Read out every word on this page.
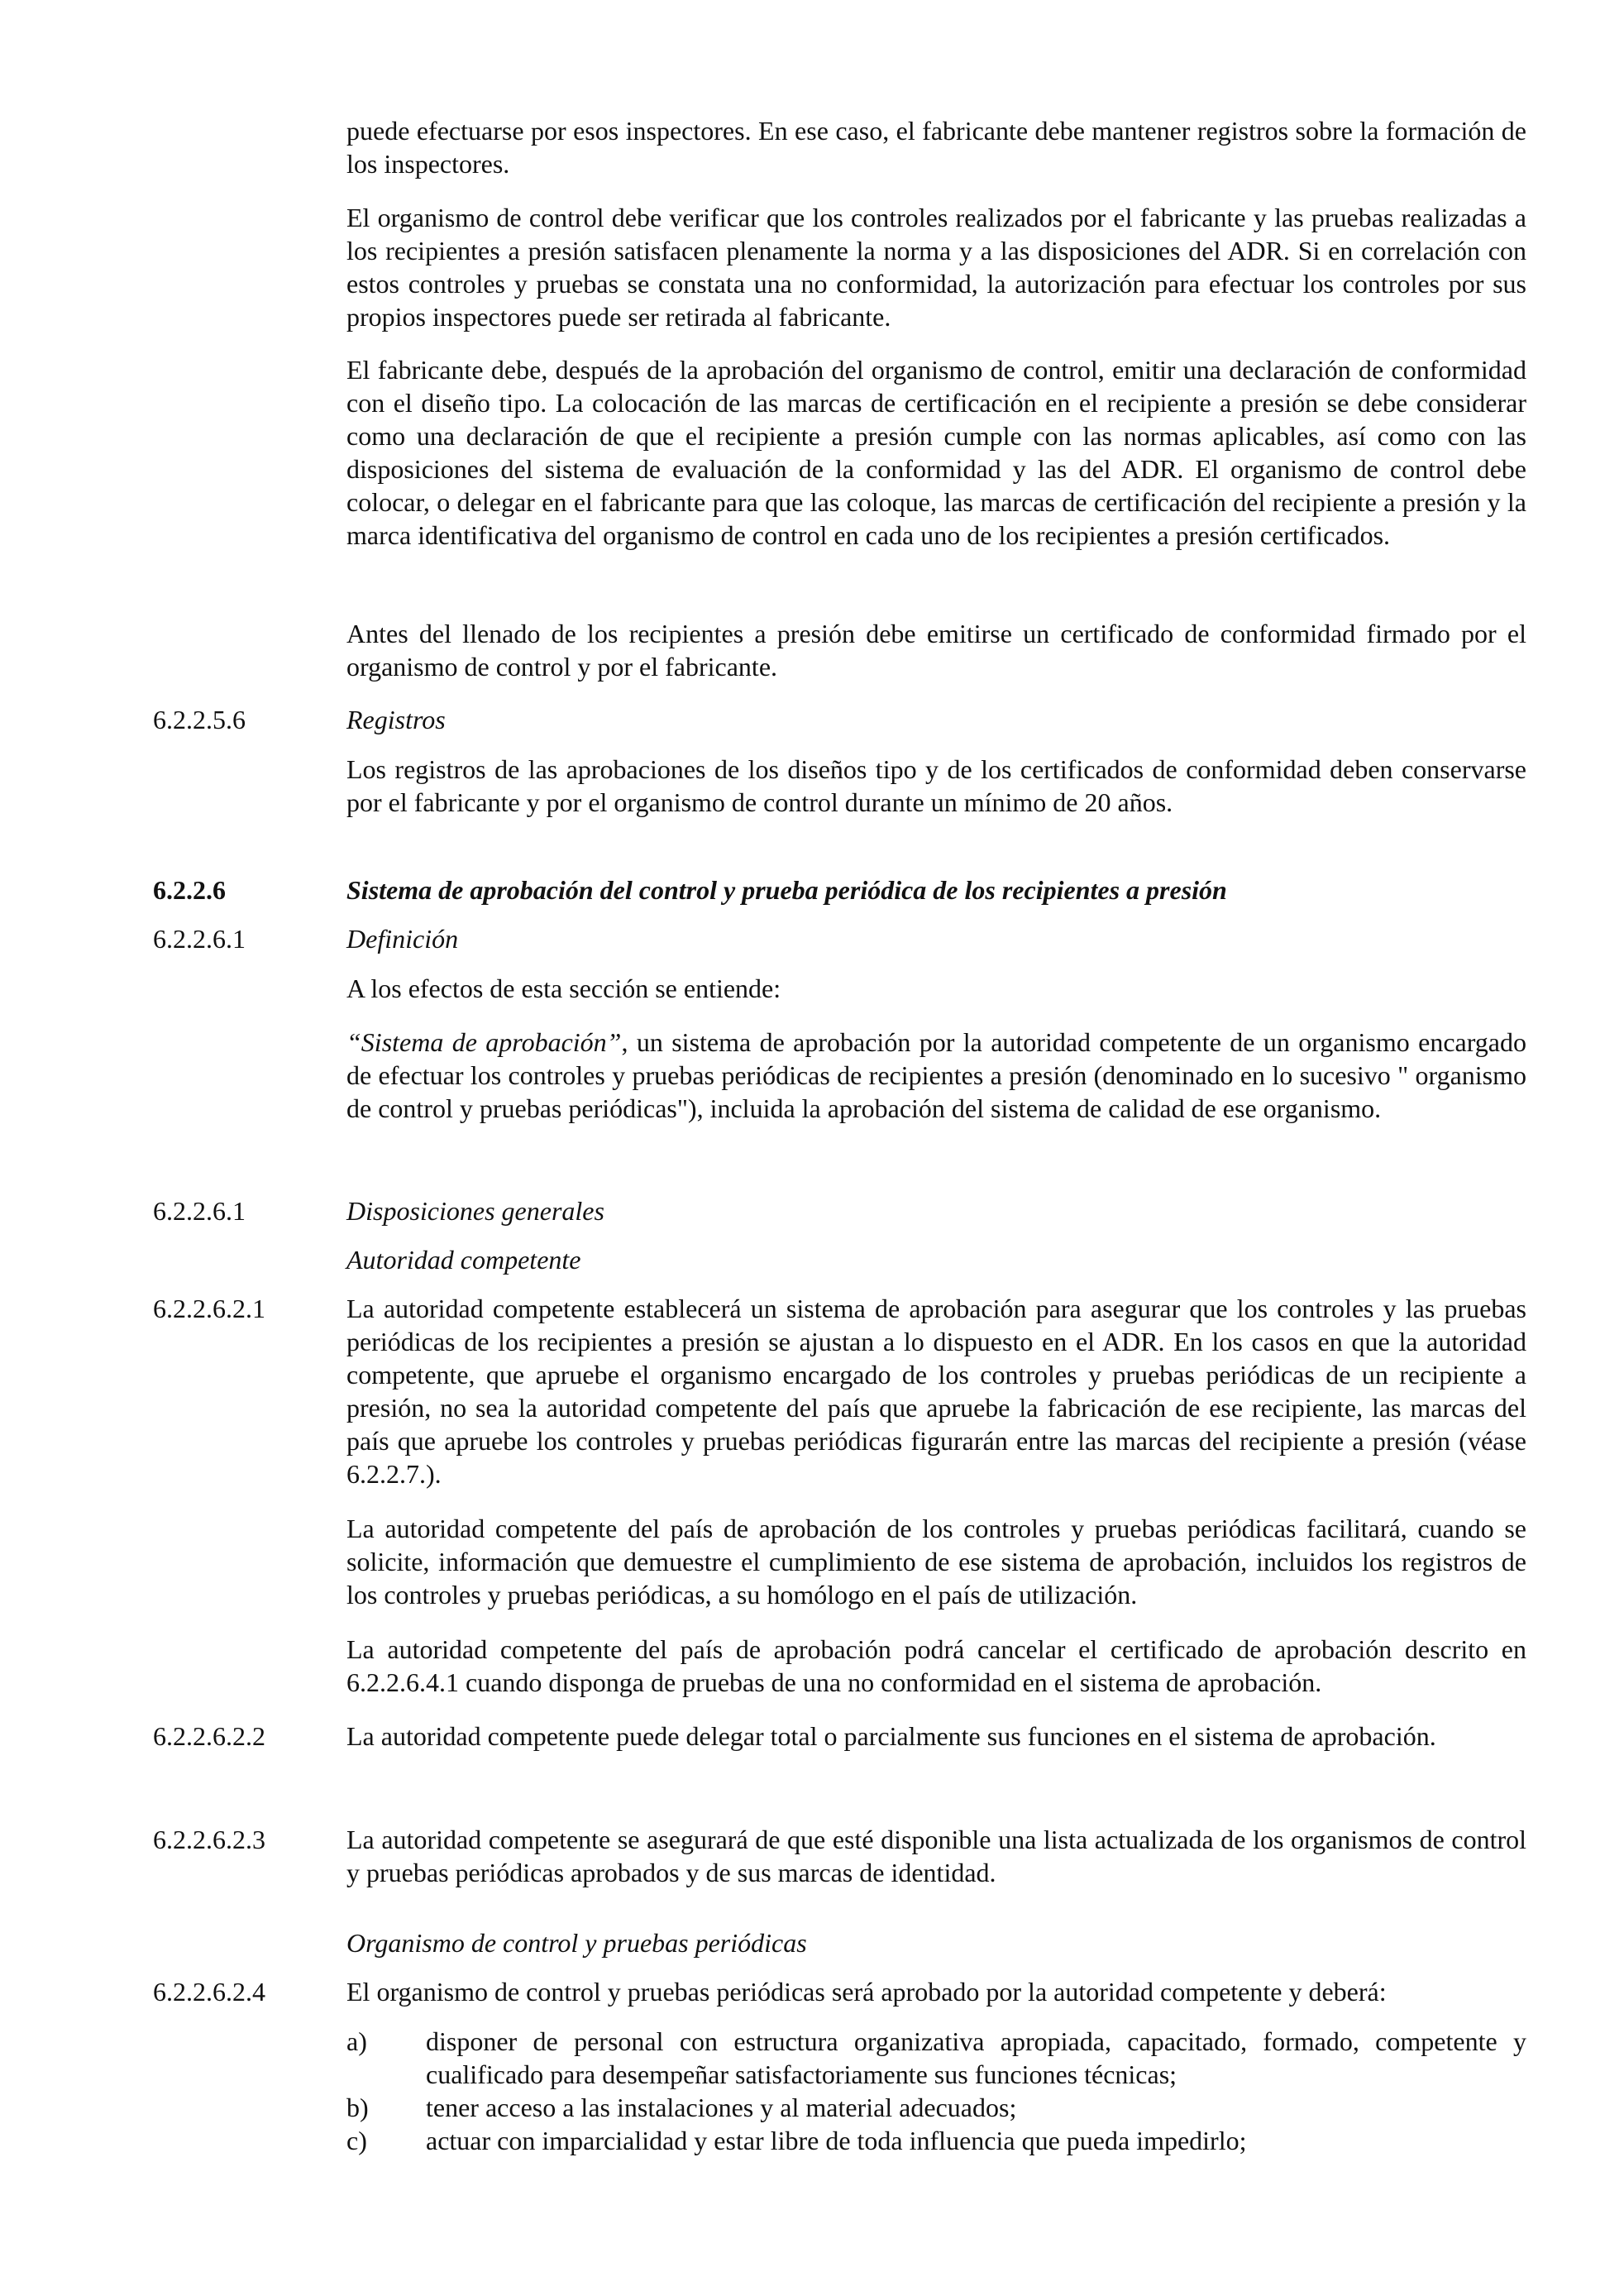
puede efectuarse por esos inspectores. En ese caso, el fabricante debe mantener registros sobre la formación de los inspectores.
El organismo de control debe verificar que los controles realizados por el fabricante y las pruebas realizadas a los recipientes a presión satisfacen plenamente la norma y a las disposiciones del ADR. Si en correlación con estos controles y pruebas se constata una no conformidad, la autorización para efectuar los controles por sus propios inspectores puede ser retirada al fabricante.
El fabricante debe, después de la aprobación del organismo de control, emitir una declaración de conformidad con el diseño tipo. La colocación de las marcas de certificación en el recipiente a presión se debe considerar como una declaración de que el recipiente a presión cumple con las normas aplicables, así como con las disposiciones del sistema de evaluación de la conformidad y las del ADR. El organismo de control debe colocar, o delegar en el fabricante para que las coloque, las marcas de certificación del recipiente a presión y la marca identificativa del organismo de control en cada uno de los recipientes a presión certificados.
Antes del llenado de los recipientes a presión debe emitirse un certificado de conformidad firmado por el organismo de control y por el fabricante.
6.2.2.5.6	Registros
Los registros de las aprobaciones de los diseños tipo y de los certificados de conformidad deben conservarse por el fabricante y por el organismo de control durante un mínimo de 20 años.
6.2.2.6	Sistema de aprobación del control y prueba periódica de los recipientes a presión
6.2.2.6.1	Definición
A los efectos de esta sección se entiende:
“Sistema de aprobación”, un sistema de aprobación por la autoridad competente de un organismo encargado de efectuar los controles y pruebas periódicas de recipientes a presión (denominado en lo sucesivo " organismo de control y pruebas periódicas"), incluida la aprobación del sistema de calidad de ese organismo.
6.2.2.6.1	Disposiciones generales
Autoridad competente
6.2.2.6.2.1	La autoridad competente establecerá un sistema de aprobación para asegurar que los controles y las pruebas periódicas de los recipientes a presión se ajustan a lo dispuesto en el ADR. En los casos en que la autoridad competente, que apruebe el organismo encargado de los controles y pruebas periódicas de un recipiente a presión, no sea la autoridad competente del país que apruebe la fabricación de ese recipiente, las marcas del país que apruebe los controles y pruebas periódicas figurarán entre las marcas del recipiente a presión (véase 6.2.2.7.).
La autoridad competente del país de aprobación de los controles y pruebas periódicas facilitará, cuando se solicite, información que demuestre el cumplimiento de ese sistema de aprobación, incluidos los registros de los controles y pruebas periódicas, a su homólogo en el país de utilización.
La autoridad competente del país de aprobación podrá cancelar el certificado de aprobación descrito en 6.2.2.6.4.1 cuando disponga de pruebas de una no conformidad en el sistema de aprobación.
6.2.2.6.2.2	La autoridad competente puede delegar total o parcialmente sus funciones en el sistema de aprobación.
6.2.2.6.2.3	La autoridad competente se asegurará de que esté disponible una lista actualizada de los organismos de control y pruebas periódicas aprobados y de sus marcas de identidad.
Organismo de control y pruebas periódicas
6.2.2.6.2.4	El organismo de control y pruebas periódicas será aprobado por la autoridad competente y deberá:
a) disponer de personal con estructura organizativa apropiada, capacitado, formado, competente y cualificado para desempeñar satisfactoriamente sus funciones técnicas;
b) tener acceso a las instalaciones y al material adecuados;
c) actuar con imparcialidad y estar libre de toda influencia que pueda impedirlo;
